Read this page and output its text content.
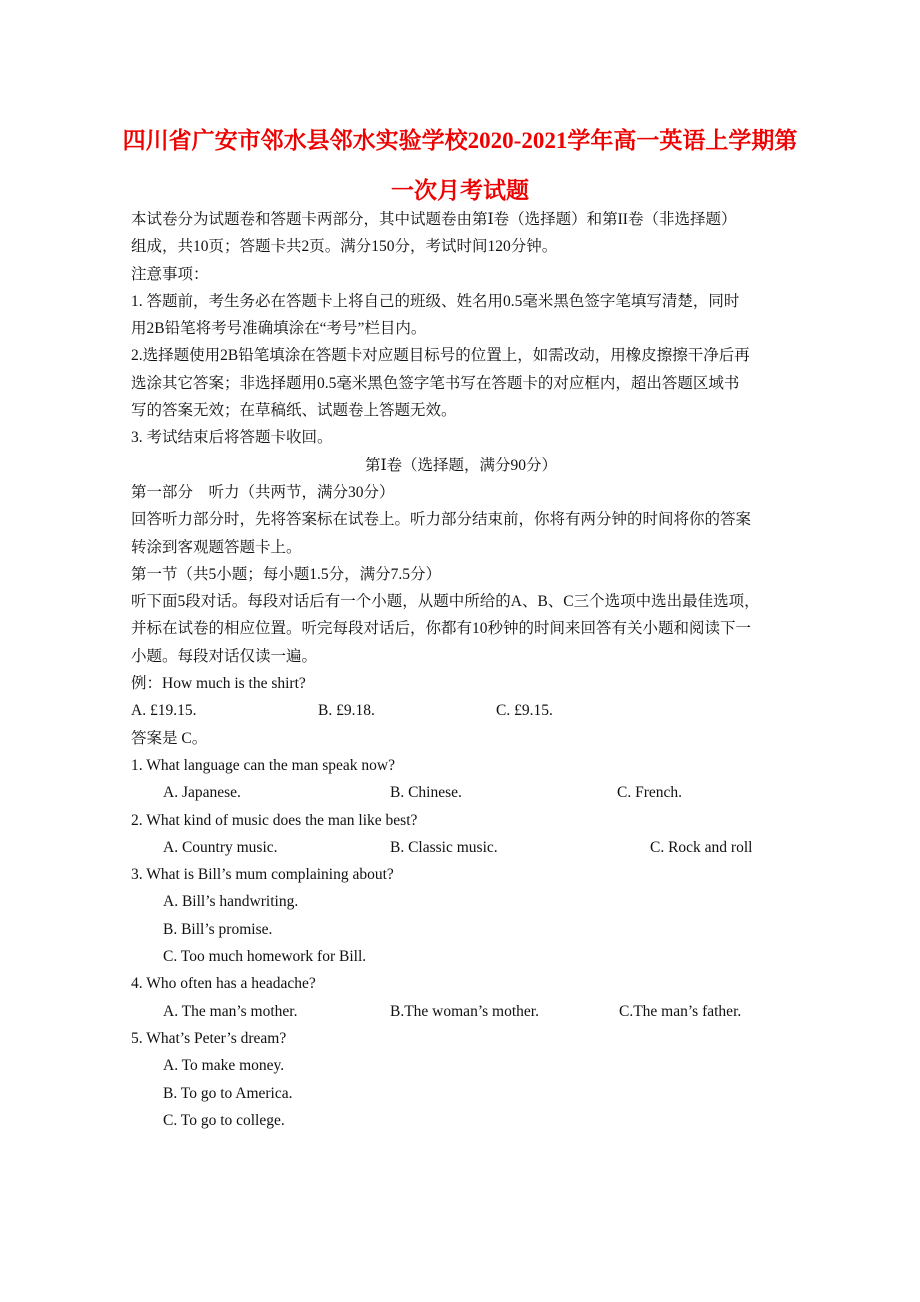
四川省广安市邻水县邻水实验学校2020-2021学年高一英语上学期第
一次月考试题
本试卷分为试题卷和答题卡两部分，其中试题卷由第Ⅰ卷（选择题）和第II卷（非选择题）
组成，共10页；答题卡共2页。满分150分，考试时间120分钟。
注意事项：
1. 答题前，考生务必在答题卡上将自己的班级、姓名用0.5毫米黑色签字笔填写清楚，同时
用2B铅笔将考号准确填涂在“考号”栏目内。
2.选择题使用2B铅笔填涂在答题卡对应题目标号的位置上，如需改动，用橡皮擦擦干净后再
选涂其它答案；非选择题用0.5毫米黑色签字笔书写在答题卡的对应框内，超出答题区域书
写的答案无效；在草稿纸、试题卷上答题无效。
3. 考试结束后将答题卡收回。
第Ⅰ卷（选择题，满分90分）
第一部分　听力（共两节，满分30分）
回答听力部分时，先将答案标在试卷上。听力部分结束前，你将有两分钟的时间将你的答案
转涂到客观题答题卡上。
第一节（共5小题；每小题1.5分，满分7.5分）
听下面5段对话。每段对话后有一个小题，从题中所给的A、B、C三个选项中选出最佳选项，
并标在试卷的相应位置。听完每段对话后，你都有10秒钟的时间来回答有关小题和阅读下一
小题。每段对话仅读一遍。
例：How much is the shirt?
A. £19.15.	B. £9.18.	C. £9.15.
答案是 C。
1. What language can the man speak now?
A. Japanese.	B. Chinese.	C. French.
2. What kind of music does the man like best?
A. Country music.	B. Classic music.	C. Rock and roll
3. What is Bill’s mum complaining about?
A. Bill’s handwriting.
B. Bill’s promise.
C. Too much homework for Bill.
4. Who often has a headache?
A. The man’s mother.	B.The woman’s mother.	C.The man’s father.
5. What’s Peter’s dream?
A. To make money.
B. To go to America.
C. To go to college.
